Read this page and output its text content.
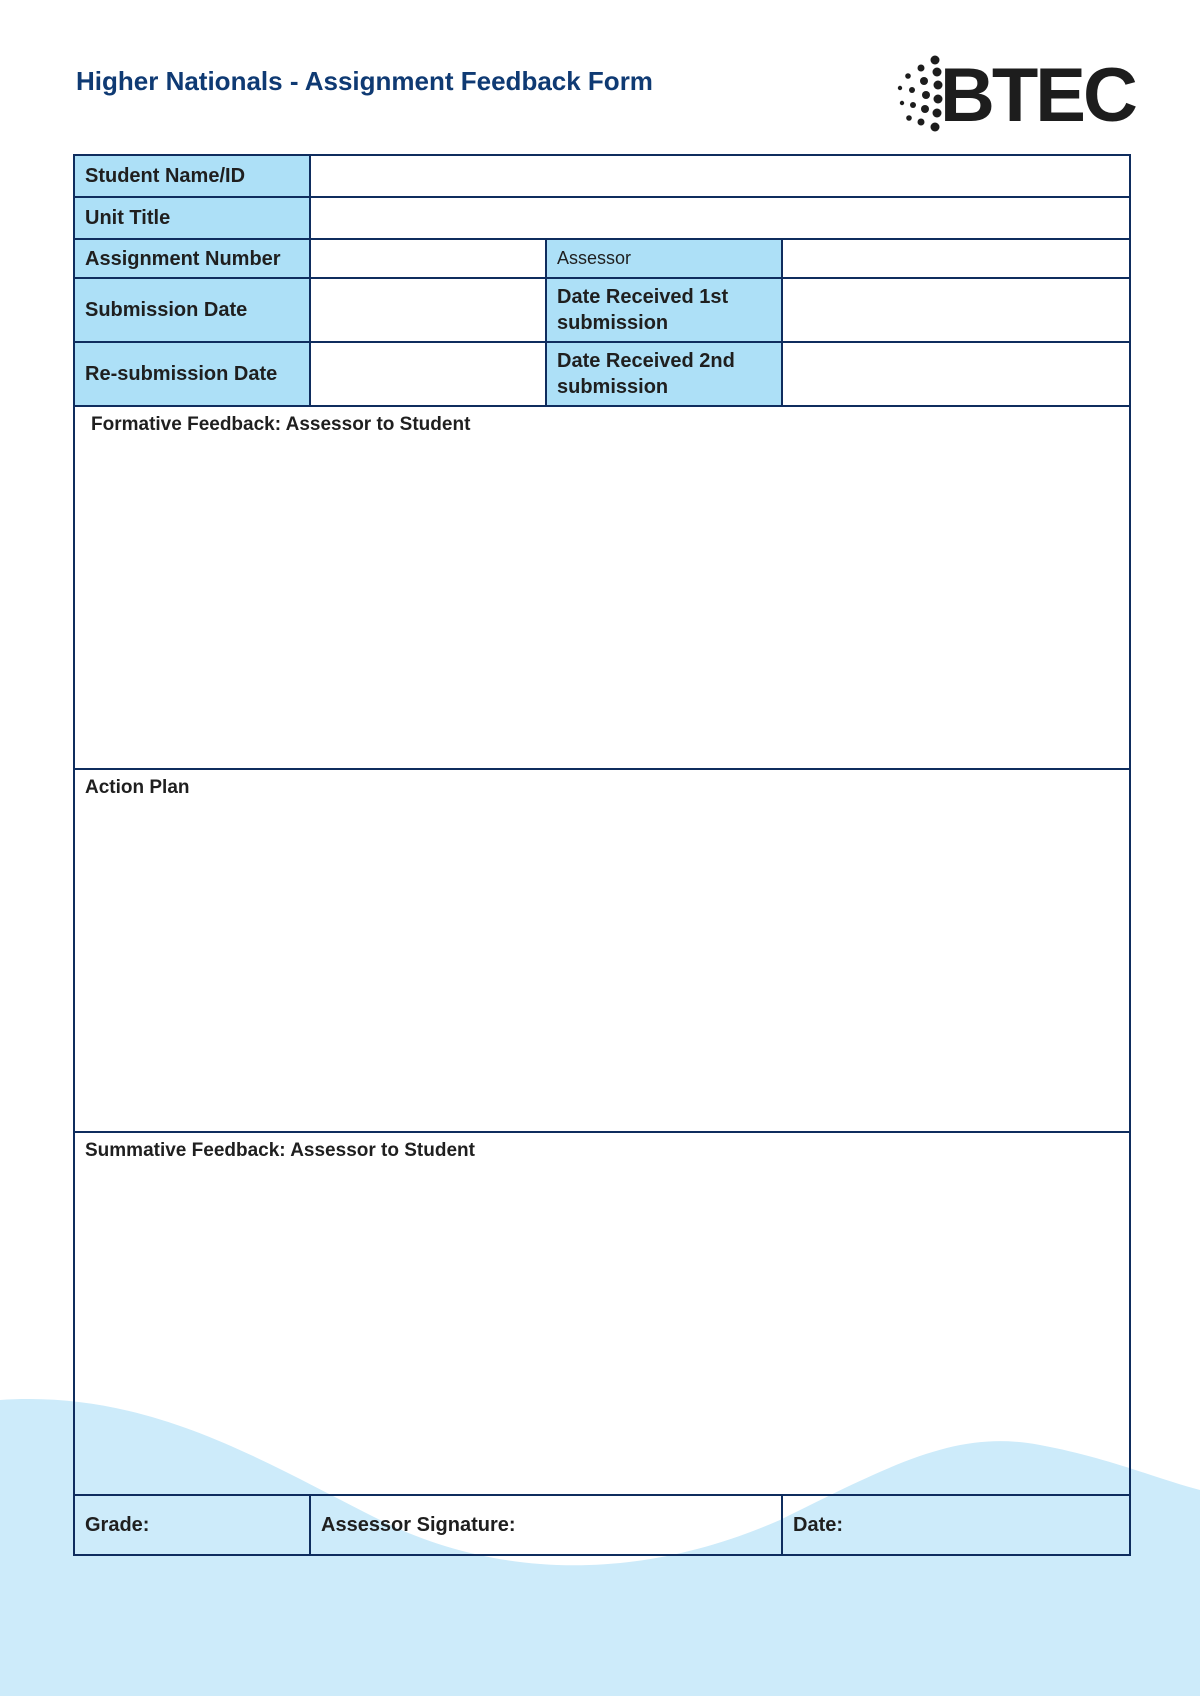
Higher Nationals - Assignment Feedback Form	BTEC
Student Name/ID			
Unit Title			
Assignment Number		Assessor	
Submission Date		Date Received 1st submission	
Re-submission Date		Date Received 2nd submission	

Formative Feedback: Assessor to Student			

Action Plan			

Summative Feedback: Assessor to Student			

Grade:	Assessor Signature:		Date:
